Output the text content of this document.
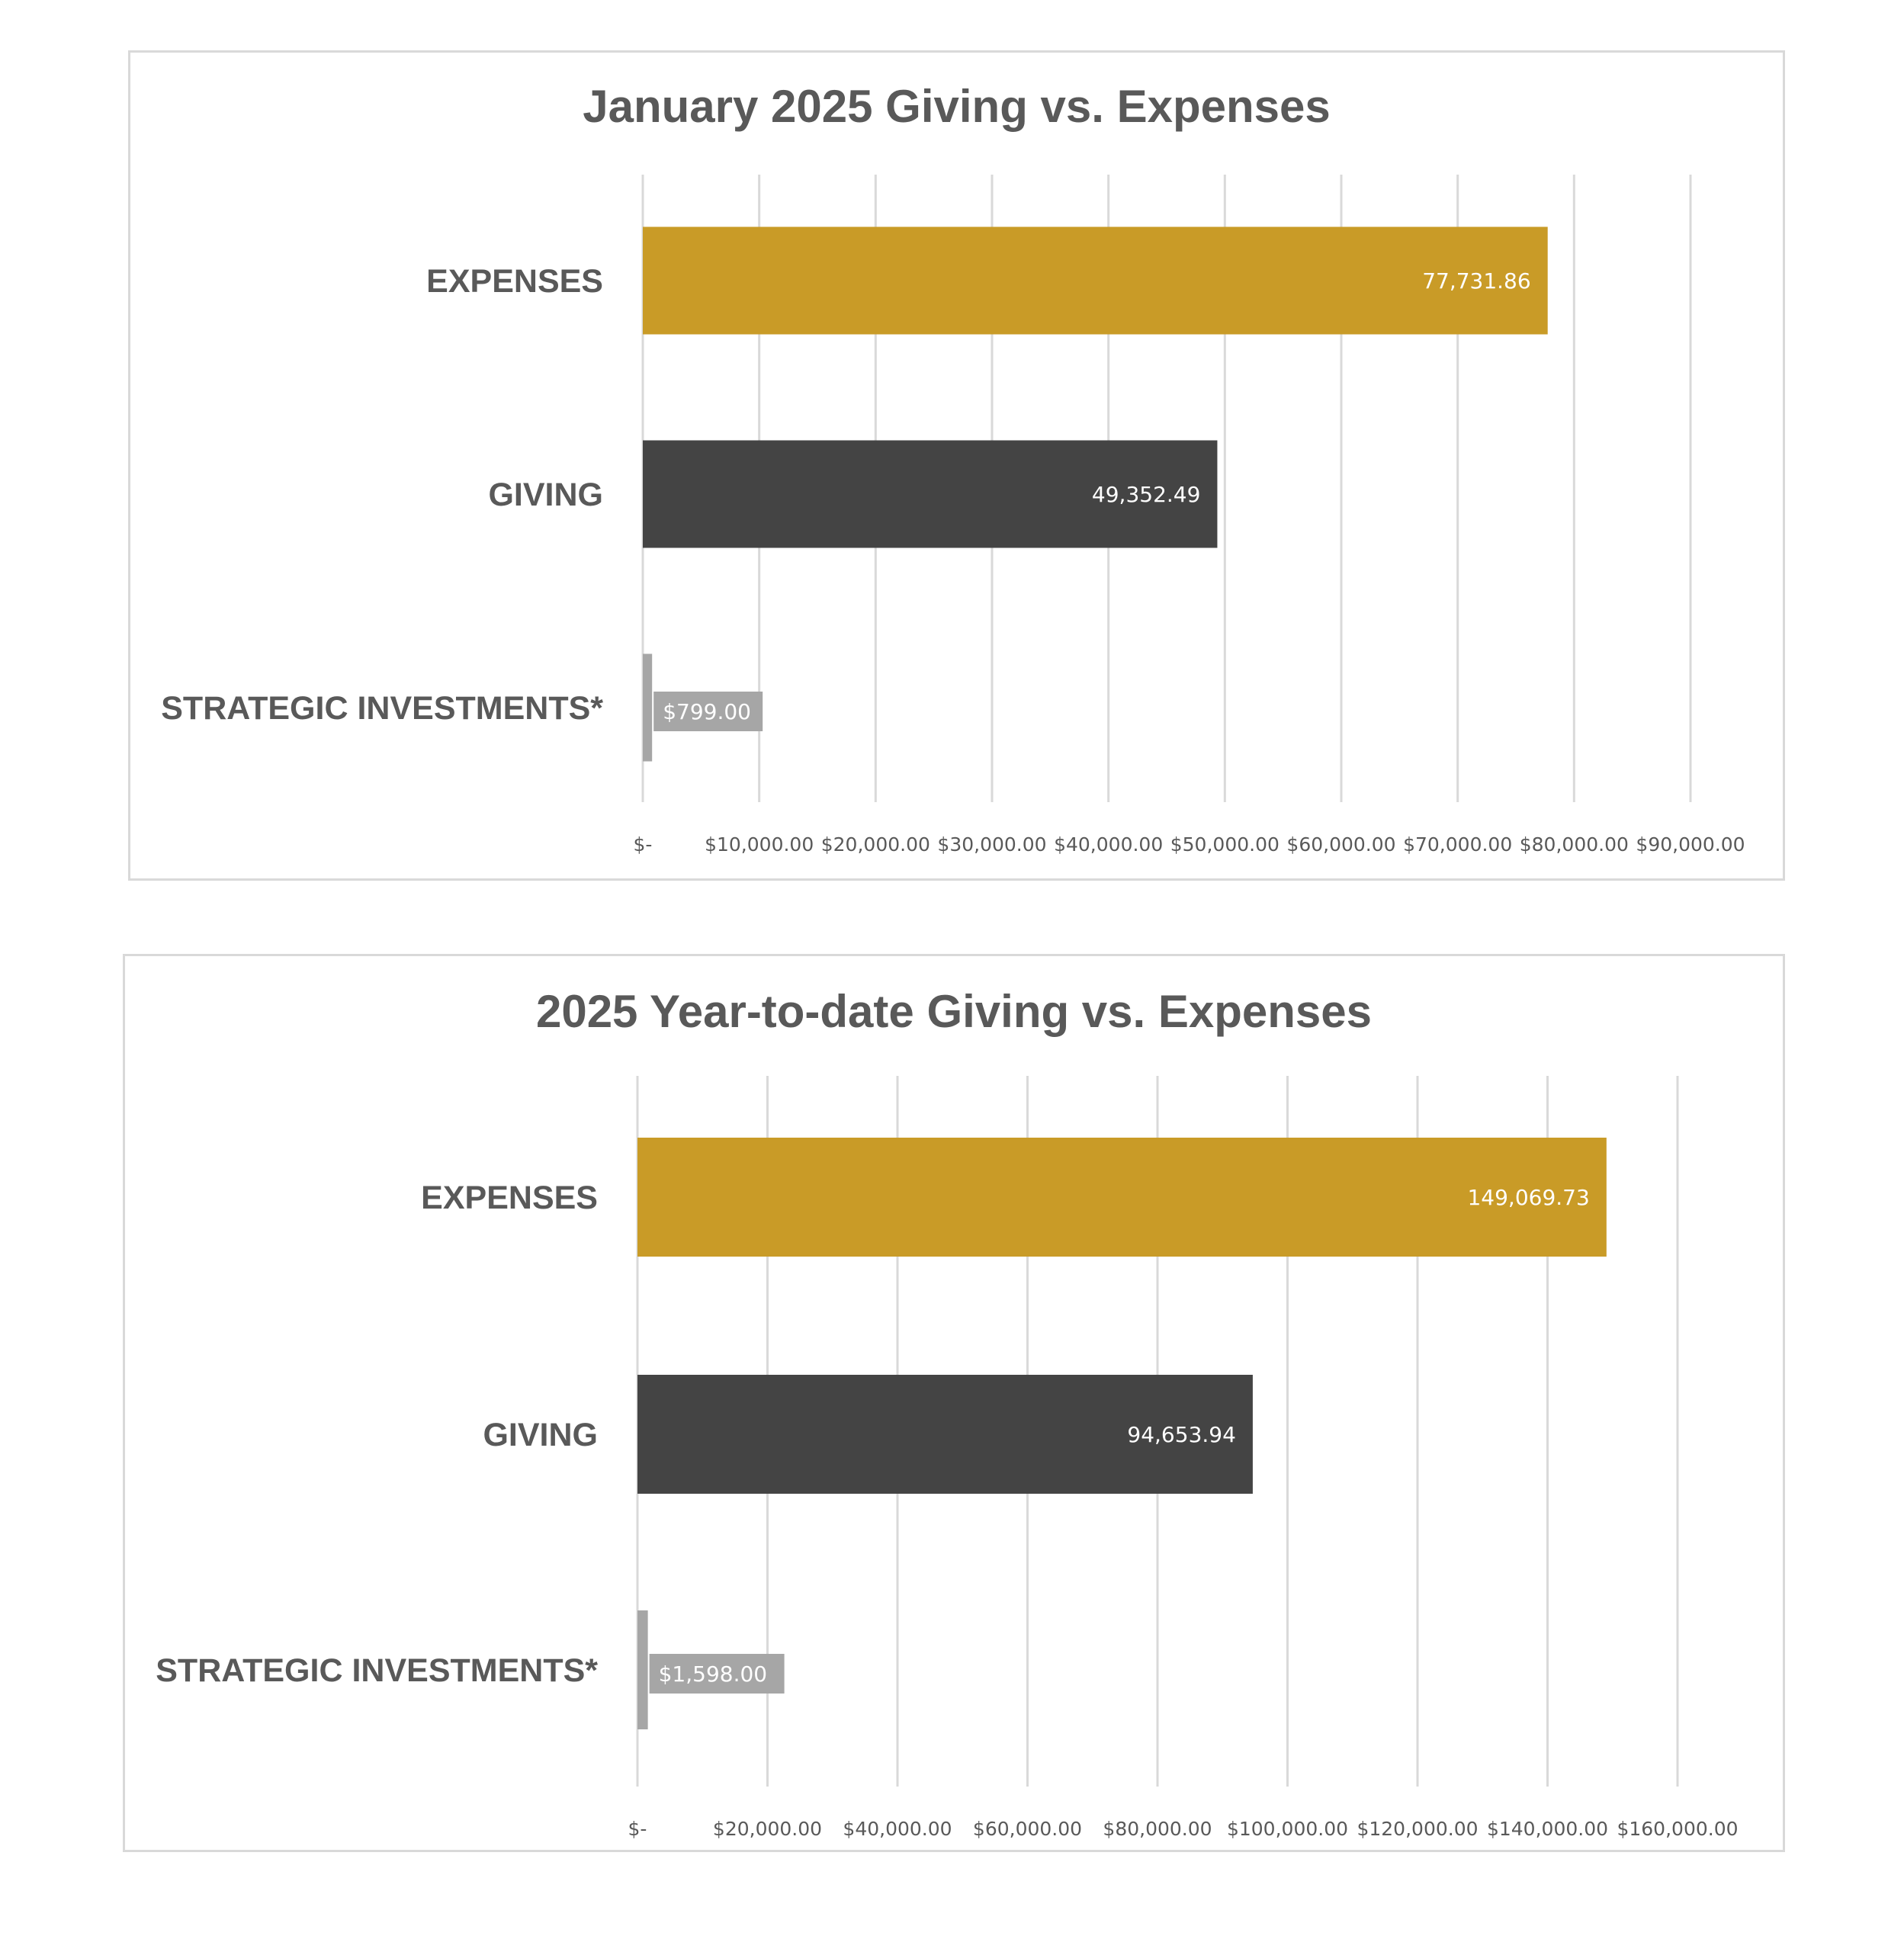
January 2025 Giving vs. Expenses
$-	$10,000.00 $20,000.00 $30,000.00 $40,000.00 $50,000.00 $60,000.00 $70,000.00 $80,000.00 $90,000.00
EXPENSES	77,731.86
GIVING	49,352.49
STRATEGIC INVESTMENTS*	$799.00
2025 Year-to-date Giving vs. Expenses
$-	$20,000.00 $40,000.00 $60,000.00 $80,000.00 $100,000.00 $120,000.00 $140,000.00 $160,000.00
EXPENSES	149,069.73
GIVING	94,653.94
STRATEGIC INVESTMENTS*	$1,598.00
